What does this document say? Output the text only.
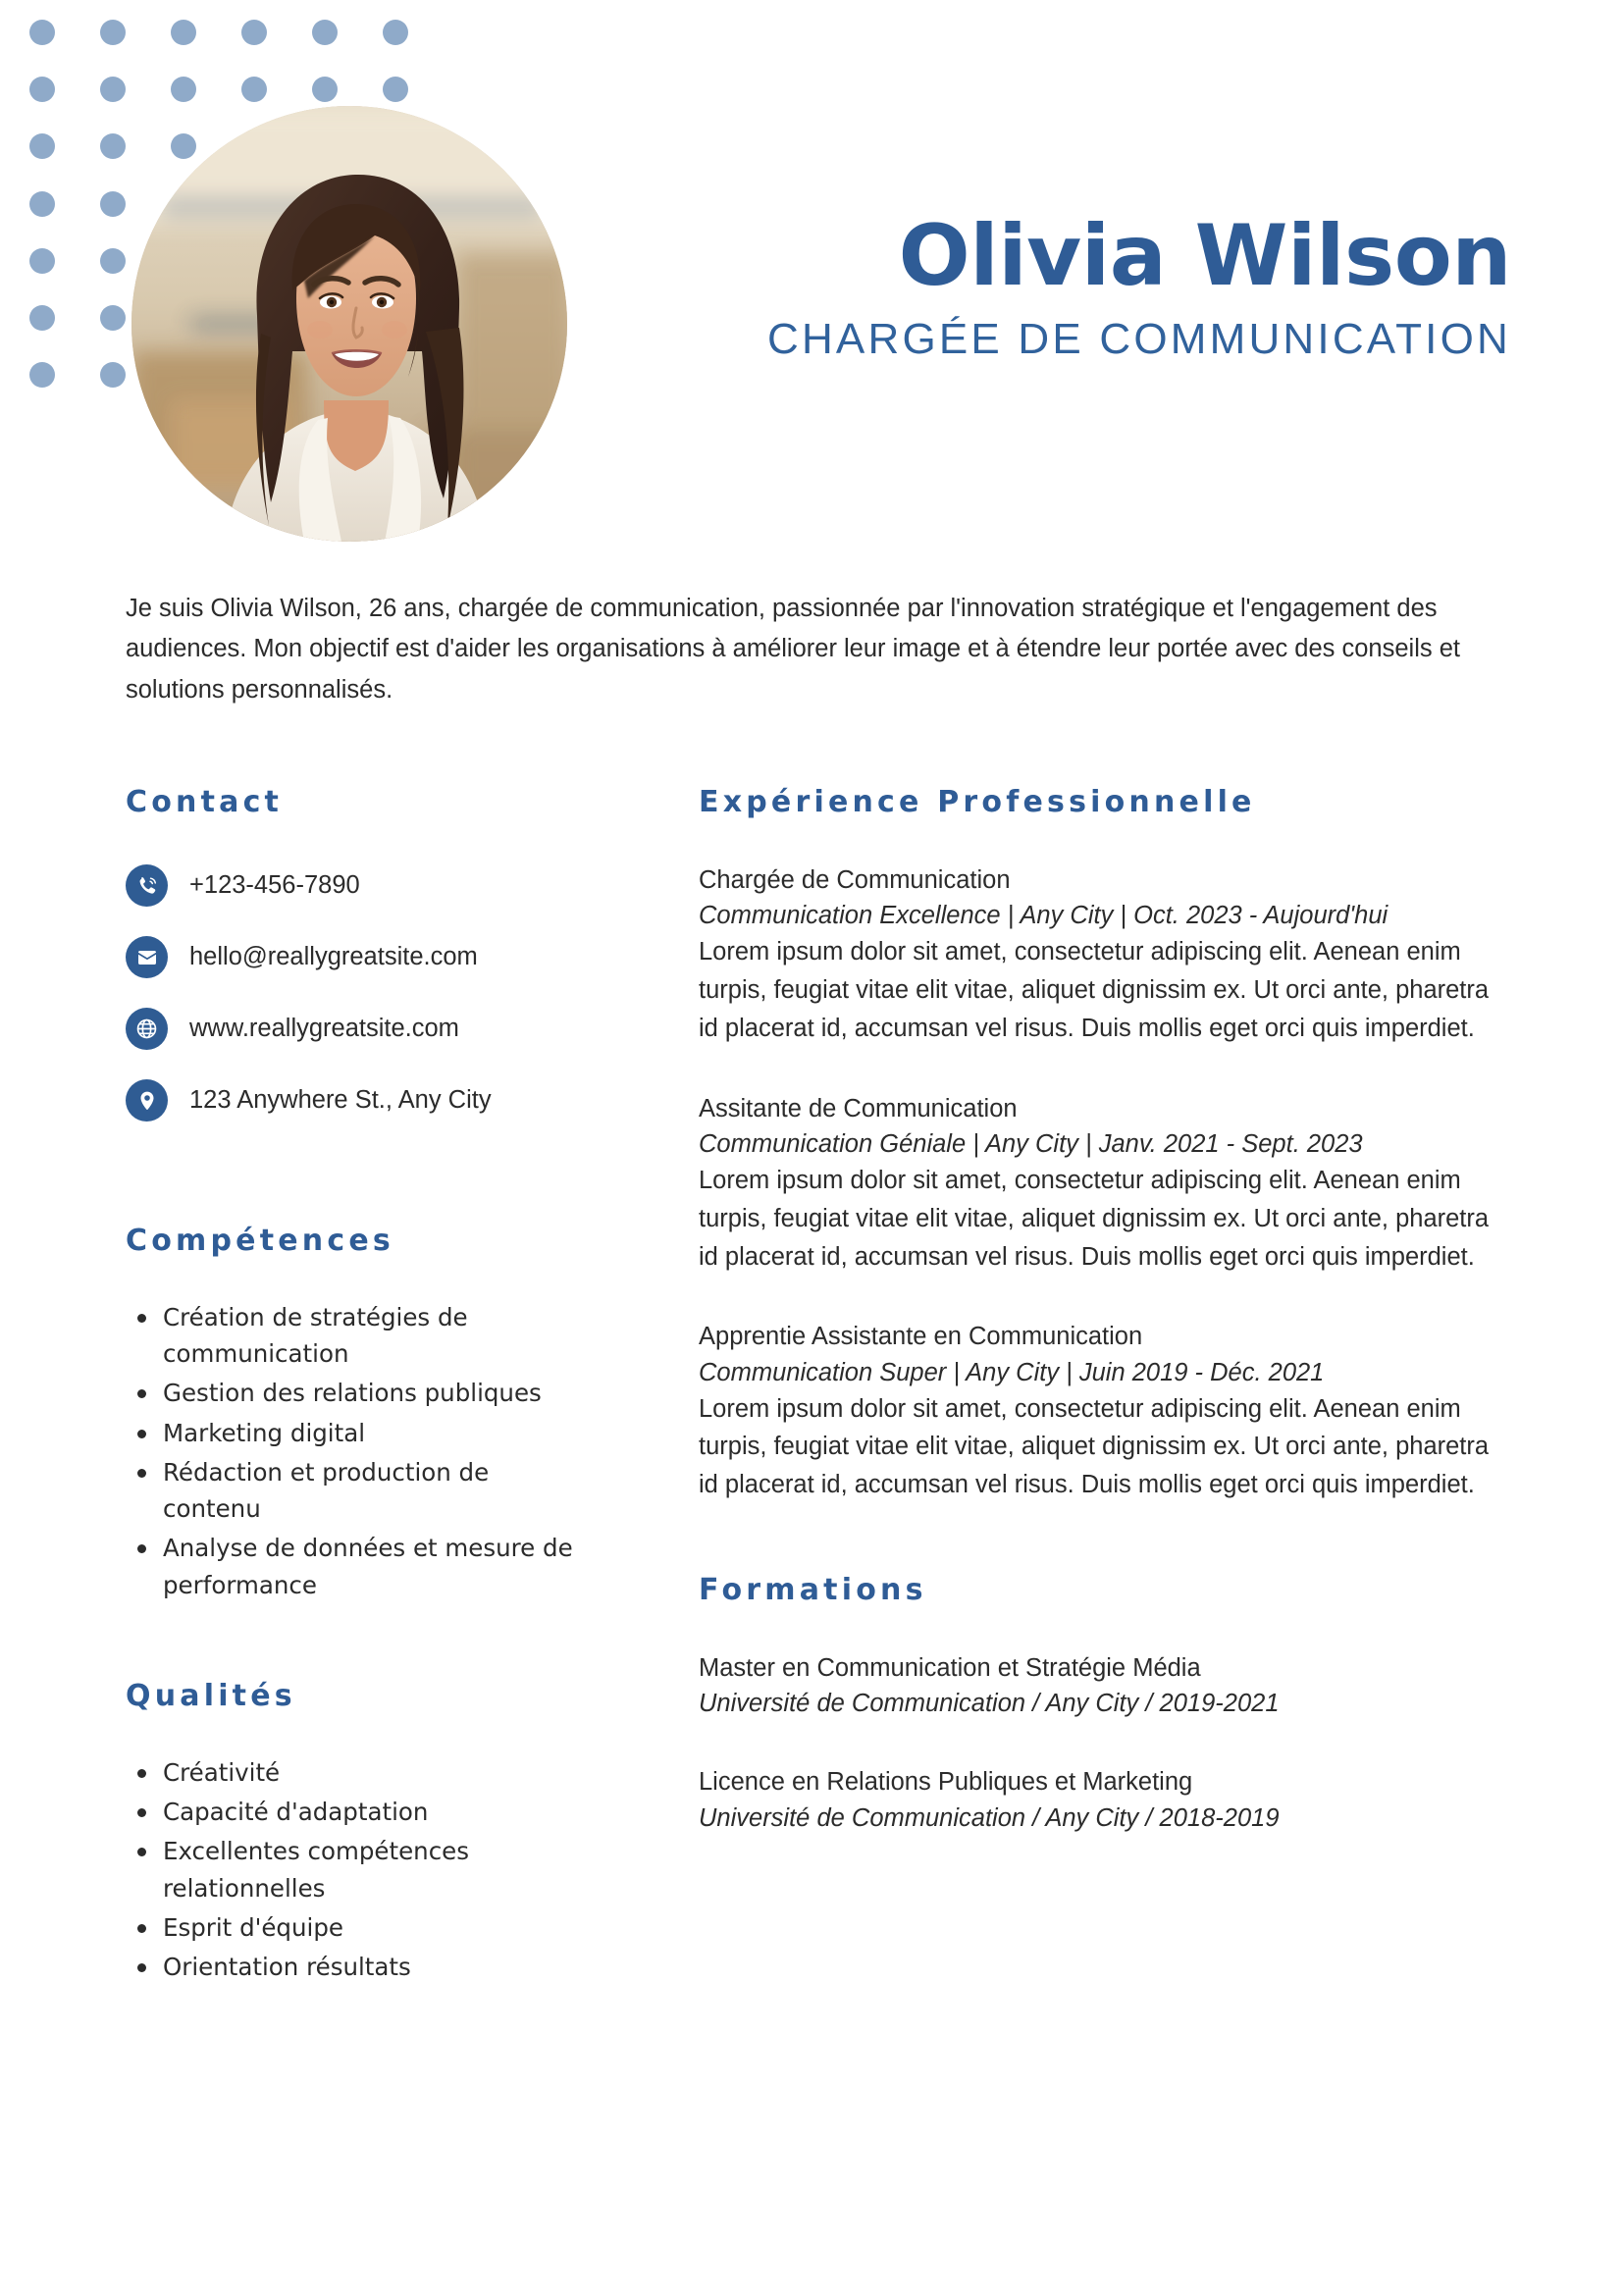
Olivia Wilson
CHARGÉE DE COMMUNICATION
Je suis Olivia Wilson, 26 ans, chargée de communication, passionnée par l'innovation stratégique et l'engagement des audiences. Mon objectif est d'aider les organisations à améliorer leur image et à étendre leur portée avec des conseils et solutions personnalisés.
Contact
+123-456-7890
hello@reallygreatsite.com
www.reallygreatsite.com
123 Anywhere St., Any City
Compétences
Création de stratégies de communication
Gestion des relations publiques
Marketing digital
Rédaction et production de contenu
Analyse de données et mesure de performance
Qualités
Créativité
Capacité d'adaptation
Excellentes compétences relationnelles
Esprit d'équipe
Orientation résultats
Expérience Professionnelle
Chargée de Communication
Communication Excellence | Any City | Oct. 2023 - Aujourd'hui
Lorem ipsum dolor sit amet, consectetur adipiscing elit. Aenean enim turpis, feugiat vitae elit vitae, aliquet dignissim ex. Ut orci ante, pharetra id placerat id, accumsan vel risus. Duis mollis eget orci quis imperdiet.
Assitante de Communication
Communication Géniale | Any City | Janv. 2021 - Sept. 2023
Lorem ipsum dolor sit amet, consectetur adipiscing elit. Aenean enim turpis, feugiat vitae elit vitae, aliquet dignissim ex. Ut orci ante, pharetra id placerat id, accumsan vel risus. Duis mollis eget orci quis imperdiet.
Apprentie Assistante en Communication
Communication Super | Any City | Juin 2019 - Déc. 2021
Lorem ipsum dolor sit amet, consectetur adipiscing elit. Aenean enim turpis, feugiat vitae elit vitae, aliquet dignissim ex. Ut orci ante, pharetra id placerat id, accumsan vel risus. Duis mollis eget orci quis imperdiet.
Formations
Master en Communication et Stratégie Média
Université de Communication / Any City / 2019-2021
Licence en Relations Publiques et Marketing
Université de Communication / Any City / 2018-2019
